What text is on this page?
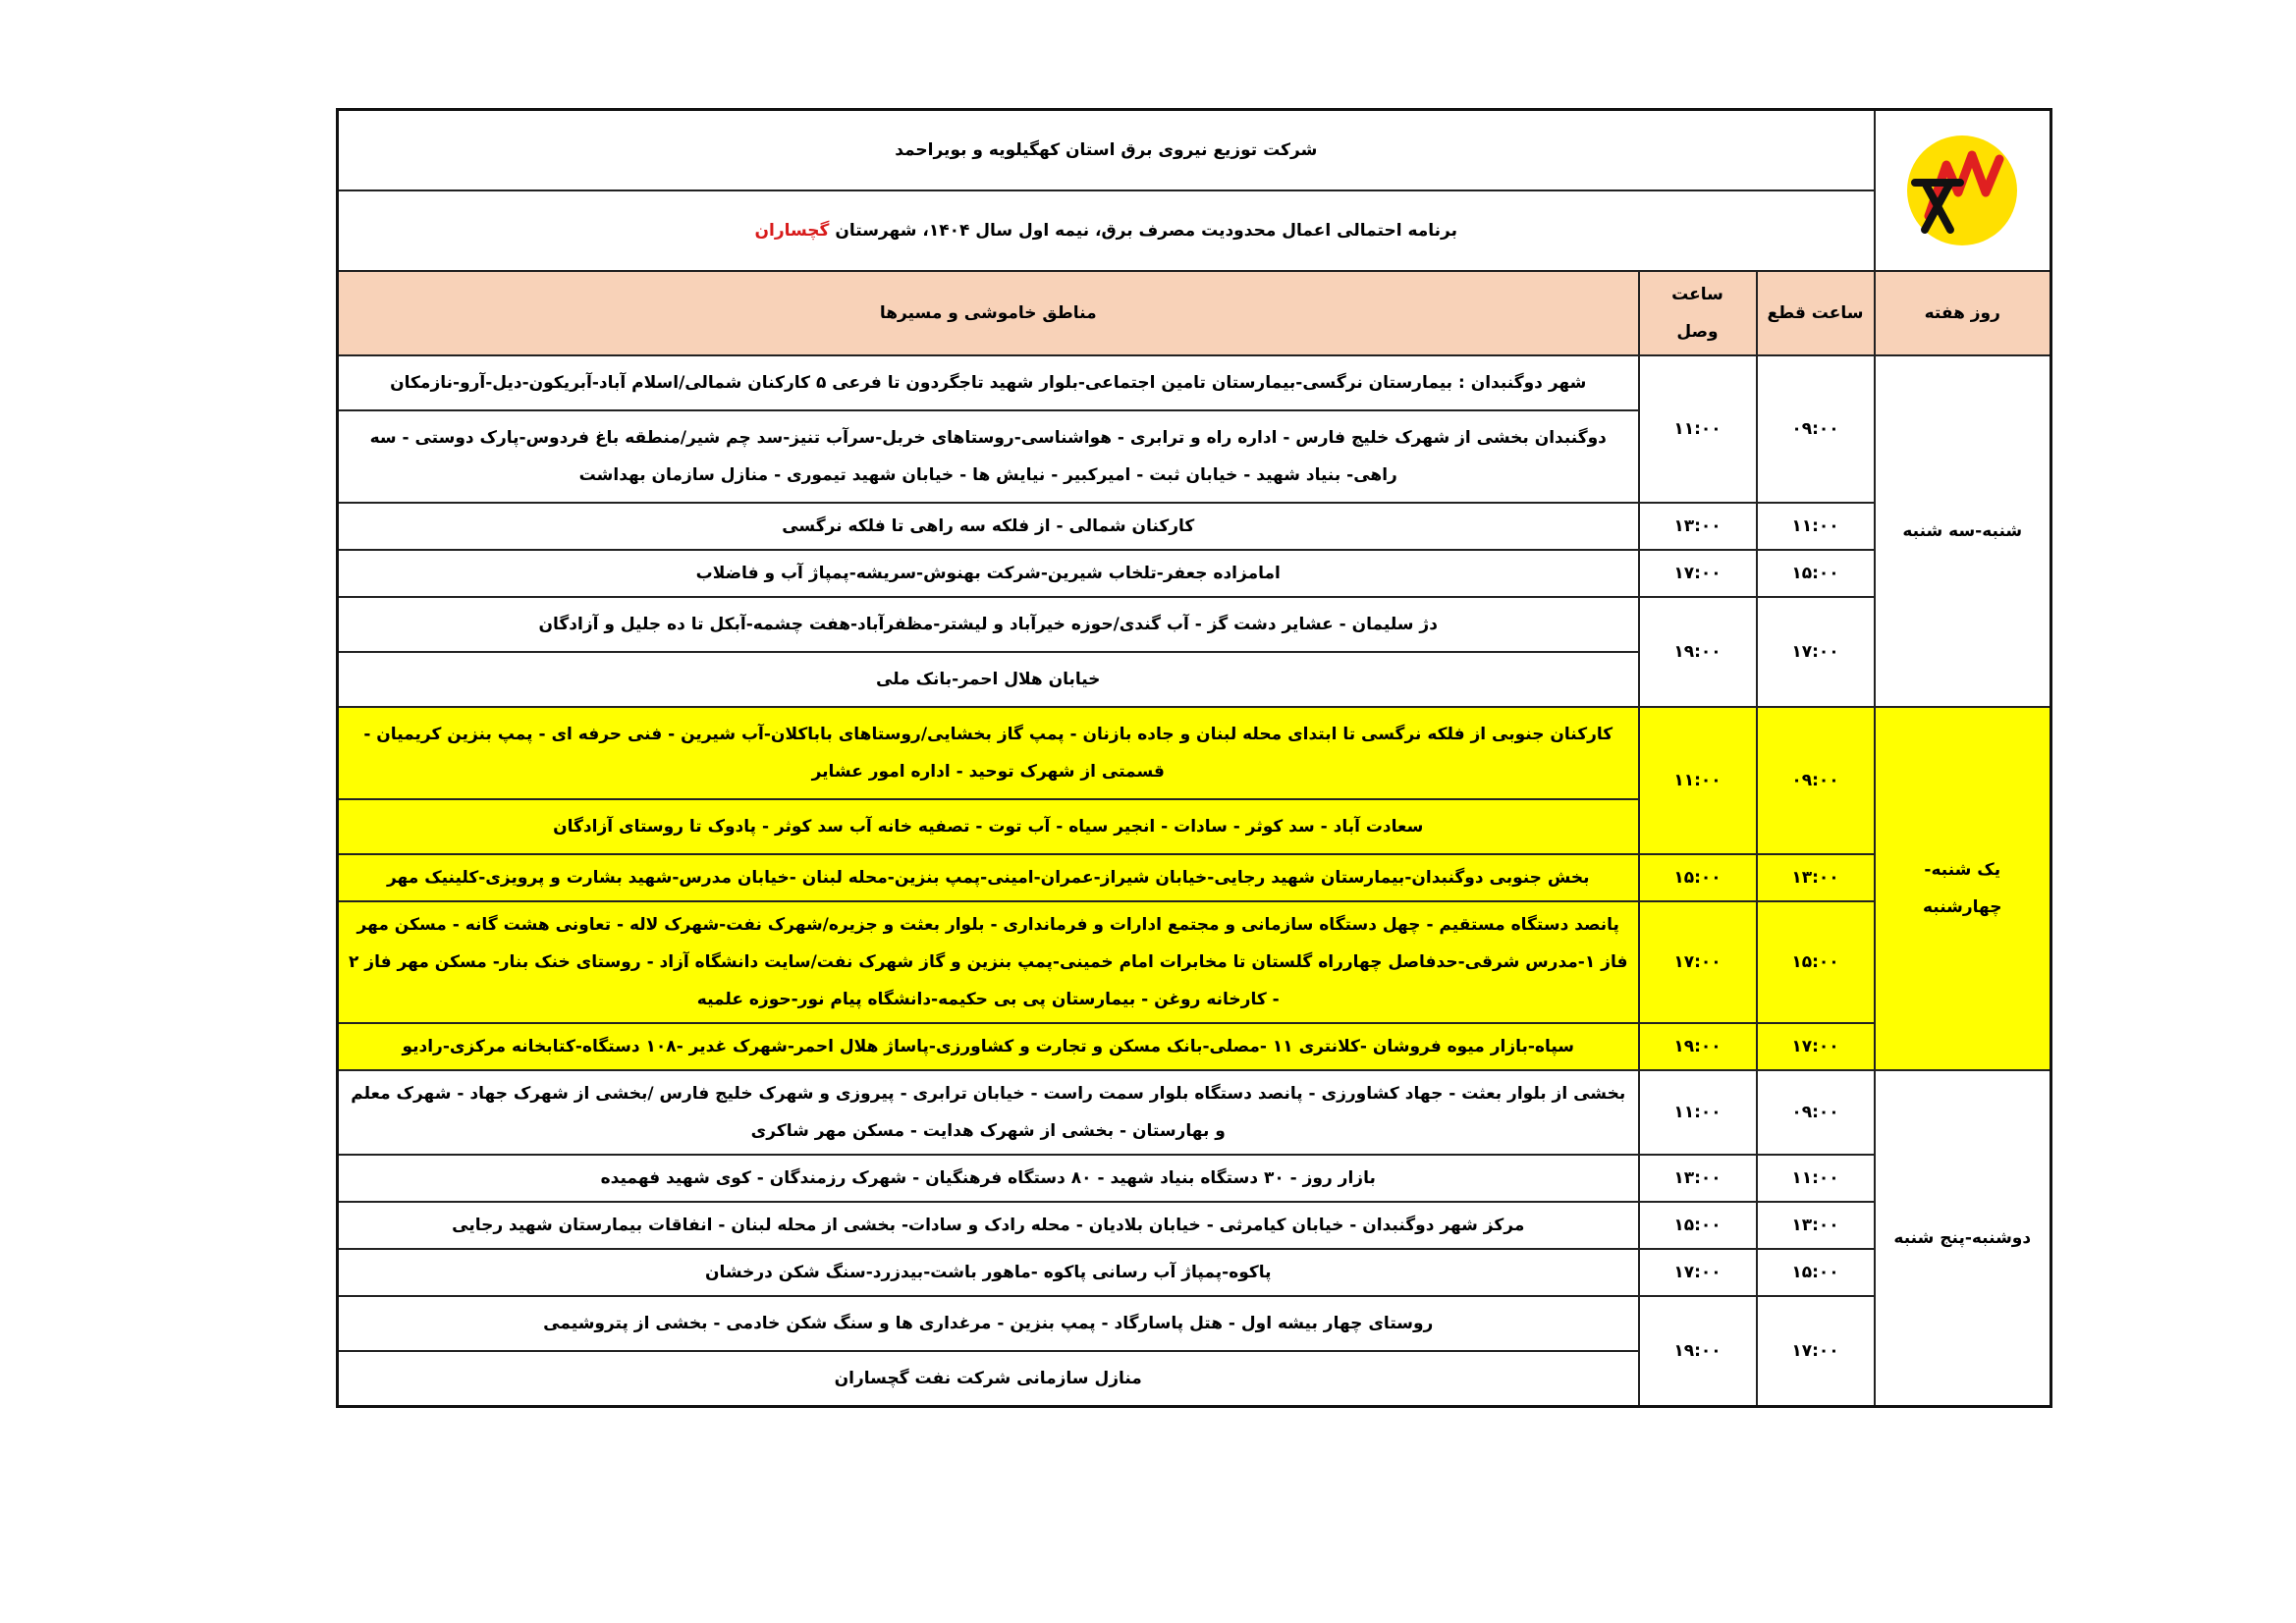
	شرکت توزیع نیروی برق استان کهگیلویه و بویراحمد		
	برنامه احتمالی اعمال محدودیت مصرف برق، نیمه اول سال ۱۴۰۴، شهرستان گچساران		
روز هفته	ساعت قطع	ساعت وصل	مناطق خاموشی و مسیرها
شنبه-سه شنبه	۰۹:۰۰	۱۱:۰۰	شهر دوگنبدان : بیمارستان نرگسی-بیمارستان تامین اجتماعی-بلوار شهید تاجگردون تا فرعی ۵ کارکنان شمالی/اسلام آباد-آبریکون-دیل-آرو-نازمکان
دوگنبدان بخشی از شهرک خلیج فارس - اداره راه و ترابری - هواشناسی-روستاهای خربل-سرآب تنیز-سد چم شیر/منطقه باغ فردوس-پارک دوستی - سه راهی- بنیاد شهید - خیابان ثبت - امیرکبیر - نیایش ها - خیابان شهید تیموری - منازل سازمان بهداشت

	۱۱:۰۰	۱۳:۰۰	کارکنان شمالی - از فلکه سه راهی تا فلکه نرگسی
	۱۵:۰۰	۱۷:۰۰	امامزاده جعفر-تلخاب شیرین-شرکت بهنوش-سریشه-پمپاژ آب و فاضلاب
	۱۷:۰۰	۱۹:۰۰	دژ سلیمان - عشایر دشت گز - آب گندی/حوزه خیرآباد و لیشتر-مظفرآباد-هفت چشمه-آبکل تا ده جلیل و آزادگان
خیابان هلال احمر-بانک ملی

یک شنبه-چهارشنبه	۰۹:۰۰	۱۱:۰۰	کارکنان جنوبی از فلکه نرگسی تا ابتدای محله لبنان و جاده بازنان - پمپ گاز بخشایی/روستاهای باباکلان-آب شیرین - فنی حرفه ای - پمپ بنزین کریمیان - قسمتی از شهرک توحید - اداره امور عشایر
سعادت آباد - سد کوثر - سادات - انجیر سیاه - آب توت - تصفیه خانه آب سد کوثر - پادوک تا روستای آزادگان

	۱۳:۰۰	۱۵:۰۰	بخش جنوبی دوگنبدان-بیمارستان شهید رجایی-خیابان شیراز-عمران-امینی-پمپ بنزین-محله لبنان -خیابان مدرس-شهید بشارت و پرویزی-کلینیک مهر
	۱۵:۰۰	۱۷:۰۰	پانصد دستگاه مستقیم - چهل دستگاه سازمانی و مجتمع ادارات و فرمانداری - بلوار بعثت و جزیره/شهرک نفت-شهرک لاله - تعاونی هشت گانه - مسکن مهر فاز ۱-مدرس شرقی-حدفاصل چهارراه گلستان تا مخابرات امام خمینی-پمپ بنزین و گاز شهرک نفت/سایت دانشگاه آزاد - روستای خنک بنار- مسکن مهر فاز ۲ - کارخانه روغن - بیمارستان پی بی حکیمه-دانشگاه پیام نور-حوزه علمیه
	۱۷:۰۰	۱۹:۰۰	سپاه-بازار میوه فروشان -کلانتری ۱۱ -مصلی-بانک مسکن و تجارت و کشاورزی-پاساژ هلال احمر-شهرک غدیر -۱۰۸ دستگاه-کتابخانه مرکزی-رادیو
دوشنبه-پنج شنبه	۰۹:۰۰	۱۱:۰۰	بخشی از بلوار بعثت - جهاد کشاورزی - پانصد دستگاه بلوار سمت راست - خیابان ترابری - پیروزی و شهرک خلیج فارس /بخشی از شهرک جهاد - شهرک معلم و بهارستان - بخشی از شهرک هدایت - مسکن مهر شاکری
	۱۱:۰۰	۱۳:۰۰	بازار روز - ۳۰ دستگاه بنیاد شهید - ۸۰ دستگاه فرهنگیان - شهرک رزمندگان - کوی شهید فهمیده
	۱۳:۰۰	۱۵:۰۰	مرکز شهر دوگنبدان - خیابان کیامرثی - خیابان بلادیان - محله رادک و سادات- بخشی از محله لبنان - انفاقات بیمارستان شهید رجایی
	۱۵:۰۰	۱۷:۰۰	پاکوه-پمپاژ آب رسانی پاکوه -ماهور باشت-بیدزرد-سنگ شکن درخشان
	۱۷:۰۰	۱۹:۰۰	روستای چهار بیشه اول - هتل پاسارگاد - پمپ بنزین - مرغداری ها و سنگ شکن خادمی - بخشی از پتروشیمی
منازل سازمانی شرکت نفت گچساران
